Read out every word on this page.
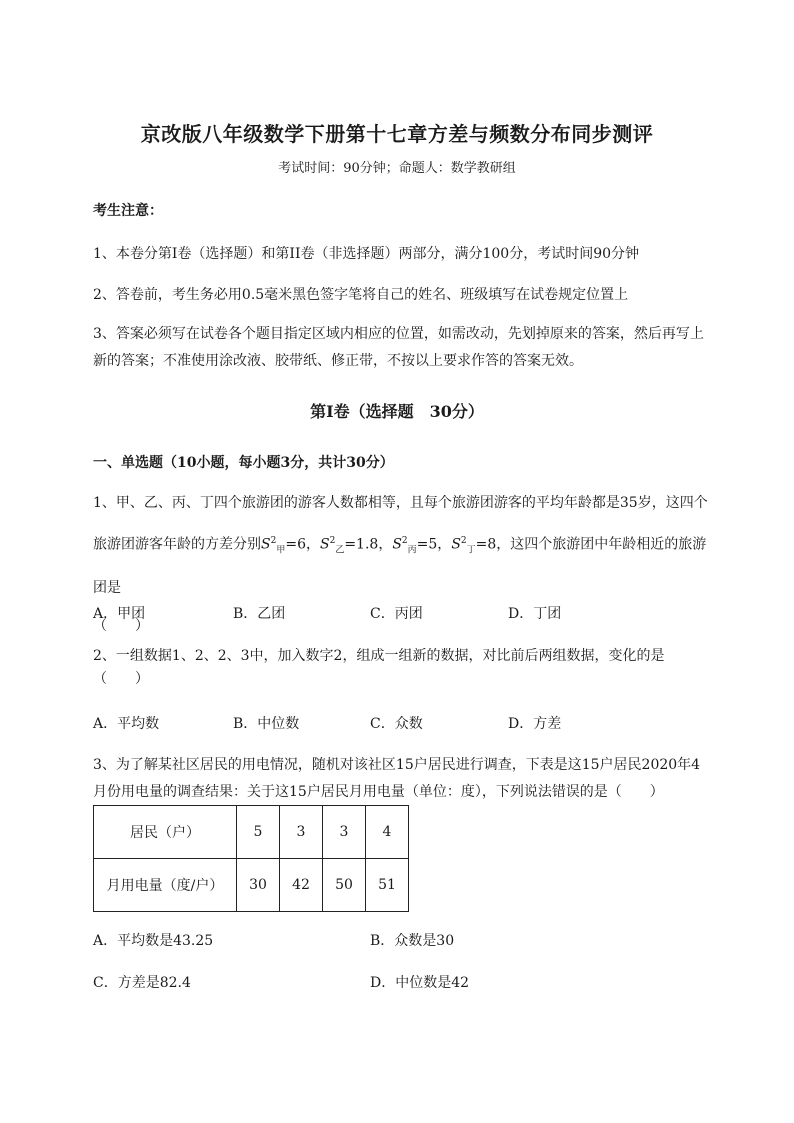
京改版八年级数学下册第十七章方差与频数分布同步测评
考试时间：90分钟；命题人：数学教研组
考生注意：
1、本卷分第I卷（选择题）和第II卷（非选择题）两部分，满分100分，考试时间90分钟
2、答卷前，考生务必用0.5毫米黑色签字笔将自己的姓名、班级填写在试卷规定位置上
3、答案必须写在试卷各个题目指定区域内相应的位置，如需改动，先划掉原来的答案，然后再写上新的答案；不准使用涂改液、胶带纸、修正带，不按以上要求作答的答案无效。
第I卷（选择题　30分）
一、单选题（10小题，每小题3分，共计30分）
1、甲、乙、丙、丁四个旅游团的游客人数都相等，且每个旅游团游客的平均年龄都是35岁，这四个旅游团游客年龄的方差分别$S^2_甲=6$，$S^2_乙=1.8$，$S^2_丙=5$，$S^2_丁=8$，这四个旅游团中年龄相近的旅游团是
（　　）
A．甲团	B．乙团	C．丙团	D．丁团
2、一组数据1、2、2、3中，加入数字2，组成一组新的数据，对比前后两组数据，变化的是
（　　）
A．平均数	B．中位数	C．众数	D．方差
3、为了解某社区居民的用电情况，随机对该社区15户居民进行调查，下表是这15户居民2020年4月份用电量的调查结果：关于这15户居民月用电量（单位：度），下列说法错误的是（　　）
居民（户）	5	3	3	4
月用电量（度/户）	30	42	50	51
A．平均数是43.25	B．众数是30
C．方差是82.4	D．中位数是42
